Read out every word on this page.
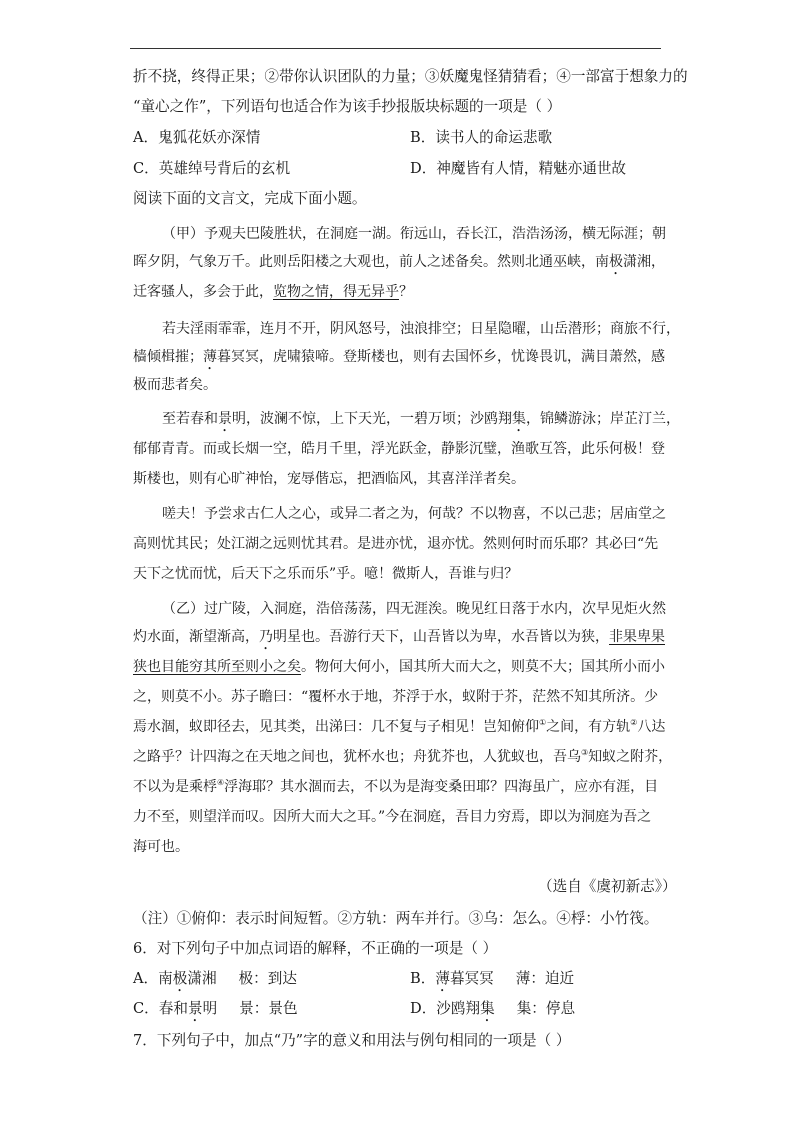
折不挠，终得正果；②带你认识团队的力量；③妖魔鬼怪猜猜看；④一部富于想象力的
“童心之作”，下列语句也适合作为该手抄报版块标题的一项是（ ）
A．鬼狐花妖亦深情	B．读书人的命运悲歌
C．英雄绰号背后的玄机	D．神魔皆有人情，精魅亦通世故
阅读下面的文言文，完成下面小题。
（甲）予观夫巴陵胜状，在洞庭一湖。衔远山，吞长江，浩浩汤汤，横无际涯；朝
晖夕阴，气象万千。此则岳阳楼之大观也，前人之述备矣。然则北通巫峡，南极潇湘，
迁客骚人，多会于此，览物之情，得无异乎？
若夫淫雨霏霏，连月不开，阴风怒号，浊浪排空；日星隐曜，山岳潜形；商旅不行，
樯倾楫摧；薄暮冥冥，虎啸猿啼。登斯楼也，则有去国怀乡，忧谗畏讥，满目萧然，感
极而悲者矣。
至若春和景明，波澜不惊，上下天光，一碧万顷；沙鸥翔集，锦鳞游泳；岸芷汀兰，
郁郁青青。而或长烟一空，皓月千里，浮光跃金，静影沉璧，渔歌互答，此乐何极！登
斯楼也，则有心旷神怡，宠辱偕忘，把酒临风，其喜洋洋者矣。
嗟夫！予尝求古仁人之心，或异二者之为，何哉？不以物喜，不以己悲；居庙堂之
高则忧其民；处江湖之远则忧其君。是进亦忧，退亦忧。然则何时而乐耶？其必曰“先
天下之忧而忧，后天下之乐而乐”乎。噫！微斯人，吾谁与归？
（乙）过广陵，入洞庭，浩倍荡荡，四无涯涘。晚见红日落于水内，次早见炬火然
灼水面，渐望渐高，乃明星也。吾游行天下，山吾皆以为卑，水吾皆以为狭，非果卑果
狭也目能穷其所至则小之矣。物何大何小，国其所大而大之，则莫不大；国其所小而小
之，则莫不小。苏子瞻曰：“覆杯水于地，芥浮于水，蚁附于芥，茫然不知其所济。少
焉水涸，蚁即径去，见其类，出涕曰：几不复与子相见！岂知俯仰①之间，有方轨②八达
之路乎？计四海之在天地之间也，犹杯水也；舟犹芥也，人犹蚁也，吾乌③知蚁之附芥，
不以为是乘桴④浮海耶？其水涸而去，不以为是海变桑田耶？四海虽广，应亦有涯，目
力不至，则望洋而叹。因所大而大之耳。”今在洞庭，吾目力穷焉，即以为洞庭为吾之
海可也。
（选自《虞初新志》）
（注）①俯仰：表示时间短暂。②方轨：两车并行。③乌：怎么。④桴：小竹筏。
6．对下列句子中加点词语的解释，不正确的一项是（ ）
A．南极潇湘 极：到达	B．薄暮冥冥 薄：迫近
C．春和景明 景：景色	D．沙鸥翔集 集：停息
7．下列句子中，加点“乃”字的意义和用法与例句相同的一项是（ ）
